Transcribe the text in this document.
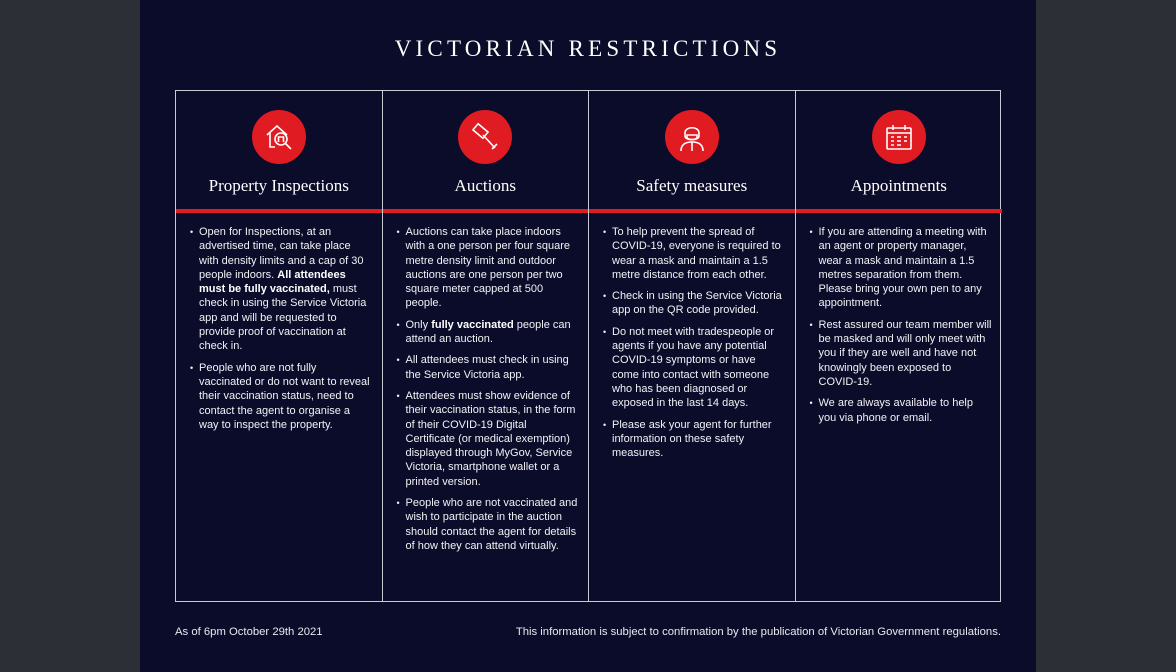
VICTORIAN RESTRICTIONS
Property Inspections
• Open for Inspections, at an advertised time, can take place with density limits and a cap of 30 people indoors. All attendees must be fully vaccinated, must check in using the Service Victoria app and will be requested to provide proof of vaccination at check in.
• People who are not fully vaccinated or do not want to reveal their vaccination status, need to contact the agent to organise a way to inspect the property.
Auctions
• Auctions can take place indoors with a one person per four square metre density limit and outdoor auctions are one person per two square meter capped at 500 people.
• Only fully vaccinated people can attend an auction.
• All attendees must check in using the Service Victoria app.
• Attendees must show evidence of their vaccination status, in the form of their COVID-19 Digital Certificate (or medical exemption) displayed through MyGov, Service Victoria, smartphone wallet or a printed version.
• People who are not vaccinated and wish to participate in the auction should contact the agent for details of how they can attend virtually.
Safety measures
• To help prevent the spread of COVID-19, everyone is required to wear a mask and maintain a 1.5 metre distance from each other.
• Check in using the Service Victoria app on the QR code provided.
• Do not meet with tradespeople or agents if you have any potential COVID-19 symptoms or have come into contact with someone who has been diagnosed or exposed in the last 14 days.
• Please ask your agent for further information on these safety measures.
Appointments
• If you are attending a meeting with an agent or property manager, wear a mask and maintain a 1.5 metres separation from them. Please bring your own pen to any appointment.
• Rest assured our team member will be masked and will only meet with you if they are well and have not knowingly been exposed to COVID-19.
• We are always available to help you via phone or email.
As of 6pm October 29th 2021	This information is subject to confirmation by the publication of Victorian Government regulations.
